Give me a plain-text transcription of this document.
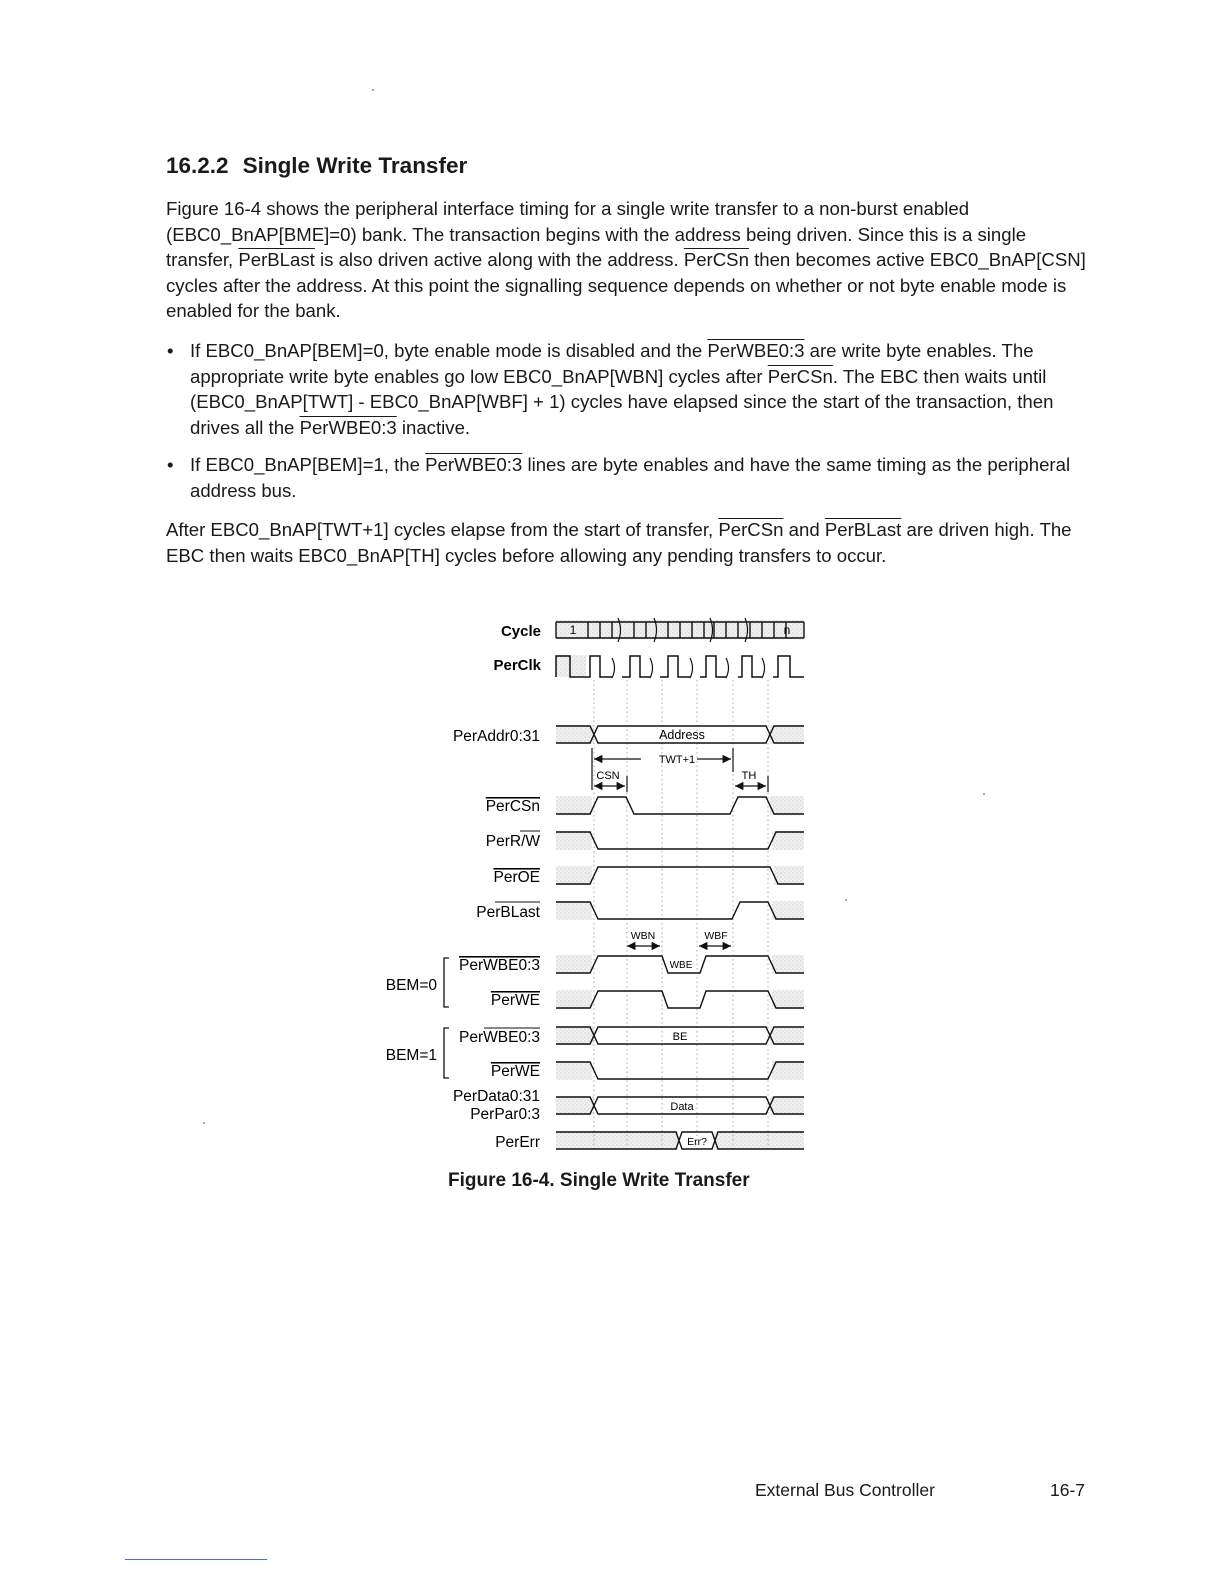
16.2.2 Single Write Transfer

Figure 16-4 shows the peripheral interface timing for a single write transfer to a non-burst enabled (EBC0_BnAP[BME]=0) bank. The transaction begins with the address being driven. Since this is a single transfer, PerBLast is also driven active along with the address. PerCSn then becomes active EBC0_BnAP[CSN] cycles after the address. At this point the signalling sequence depends on whether or not byte enable mode is enabled for the bank.

• If EBC0_BnAP[BEM]=0, byte enable mode is disabled and the PerWBE0:3 are write byte enables. The appropriate write byte enables go low EBC0_BnAP[WBN] cycles after PerCSn. The EBC then waits until (EBC0_BnAP[TWT] - EBC0_BnAP[WBF] + 1) cycles have elapsed since the start of the transaction, then drives all the PerWBE0:3 inactive.
• If EBC0_BnAP[BEM]=1, the PerWBE0:3 lines are byte enables and have the same timing as the peripheral address bus.

After EBC0_BnAP[TWT+1] cycles elapse from the start of transfer, PerCSn and PerBLast are driven high. The EBC then waits EBC0_BnAP[TH] cycles before allowing any pending transfers to occur.

Cycle 1	n
PerClk
Address
BE
Data
Err?
WBE
TWT+1
CSN	TH
WBN	WBF
PerAddr0:31
PerCSn
PerR/W
PerOE
PerBLast
PerWBE0:3
PerWE
PerWBE0:3
PerWE
PerData0:31
PerPar0:3
PerErr
BEM=0
BEM=1

Figure 16-4. Single Write Transfer

External Bus Controller	16-7
